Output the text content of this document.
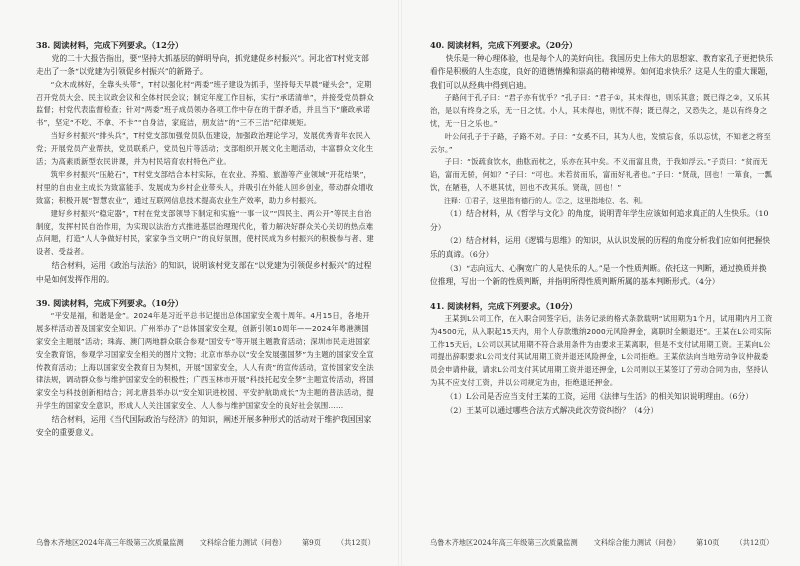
38. 阅读材料，完成下列要求。（12分）

党的二十大报告指出，要“坚持大抓基层的鲜明导向，抓党建促乡村振兴”。河北省T村党支部走出了一条“以党建为引领促乡村振兴”的新路子。

“众木成林好，全靠头头带”，T村以强化村“两委”班子建设为抓手，坚持每天早晨“碰头会”，定期召开党员大会、民主议政会议和全体村民会议；制定年度工作目标，实行“承诺清单”，并接受党员群众监督；村党代表监督检查；针对“两委”班子成员领办各项工作中存在的干群矛盾，并且当下“廉政承诺书”，坚定“不吃、不拿、不卡”“自身洁，家庭洁，朋友洁”的“三不三洁”纪律规矩。

当好乡村振兴“排头兵”，T村党支部加强党员队伍建设，加强政治理论学习，发展优秀青年农民入党；开展党员产业帮扶，党员联系户，党员包片等活动；支部组织开展文化主题活动，丰富群众文化生活；为高素质新型农民讲课，并为村民培育农村特色产业。

筑牢乡村振兴“压舱石”，T村党支部结合本村实际，在农业、养殖、旅游等产业领域“开花结果”，村里的自由业主成长为致富能手、发展成为乡村企业带头人，并吸引在外能人回乡创业，带动群众增收致富；积极开展“智慧农业”，通过互联网信息技术提高农业生产效率，助力乡村振兴。

建好乡村振兴“稳定器”，T村在党支部领导下制定和实施“一事一议”“四民主、两公开”等民主自治制度，发挥村民自治作用，为实现以法治方式推进基层治理现代化，着力解决好群众关心关切的热点难点问题，打造“人人争做好村民，家家争当文明户”的良好氛围，使村民成为乡村振兴的积极参与者、建设者、受益者。

结合材料，运用《政治与法治》的知识，说明该村党支部在“以党建为引领促乡村振兴”的过程中是如何发挥作用的。

39. 阅读材料，完成下列要求。（10分）

“平安是福，和谐是金”。2024年是习近平总书记提出总体国家安全观十周年。4月15日，各地开展多样活动普及国家安全知识。广州举办了“总体国家安全观，创新引领10周年——2024年粤港澳国家安全主题展”活动；珠海、澳门两地群众联合参观“国安专”等开展主题教育活动；深圳市民走进国家安全教育馆，参观学习国家安全相关的图片文物；北京市举办以“安全发展强国梦”为主题的国家安全宣传教育活动；上海以国家安全教育日为契机，开展“国家安全，人人有责”的宣传活动，宣传国家安全法律法规，调动群众参与维护国家安全的积极性；广西玉林市开展“科技托起安全梦”主题宣传活动，将国家安全与科技创新相结合；河北唐县举办以“安全知识进校园、平安护航助成长”为主题的普法活动，提升学生的国家安全意识，形成人人关注国家安全、人人参与维护国家安全的良好社会氛围……

结合材料，运用《当代国际政治与经济》的知识，阐述开展多种形式的活动对于维护我国国家安全的重要意义。

乌鲁木齐地区2024年高三年级第三次质量监测 文科综合能力测试（问卷） 第9页 （共12页）

40. 阅读材料，完成下列要求。（20分）

快乐是一种心理体验，也是每个人的美好向往。我国历史上伟大的思想家、教育家孔子更把快乐看作是积极的人生态度，良好的道德情操和崇高的精神境界。如何追求快乐？这是人生的重大课题，我们可以从经典中得到启迪。

子路问于孔子曰：“君子亦有忧乎？”孔子曰：“君子①，其未得也，则乐其意；既已得之②，又乐其治，是以有终身之乐，无一日之忧。小人，其未得也，则忧不得；既已得之，又恐失之，是以有终身之忧，无一日之乐也。”

叶公问孔子于子路，子路不对。子曰：“女奚不曰，其为人也，发愤忘食，乐以忘忧，不知老之将至云尔。”

子曰：“饭疏食饮水，曲肱而枕之，乐亦在其中矣。不义而富且贵，于我如浮云。”子贡曰：“贫而无谄，富而无骄，何如？”子曰：“可也。未若贫而乐，富而好礼者也。”子曰：“贤哉，回也！一箪食，一瓢饮，在陋巷，人不堪其忧，回也不改其乐。贤哉，回也！”

注释：①君子，这里指有德行的人。②之，这里指地位、名、利。

（1）结合材料，从《哲学与文化》的角度，说明青年学生应该如何追求真正的人生快乐。（10分）

（2）结合材料，运用《逻辑与思维》的知识，从认识发展的历程的角度分析我们应如何把握快乐的真谛。（6分）

（3）“志向远大、心胸宽广的人是快乐的人。”是一个性质判断。依托这一判断，通过换质并换位推理，写出一个新的性质判断，并指明所得性质判断所属的基本判断形式。（4分）

41. 阅读材料，完成下列要求。（10分）

王某到L公司工作，在入职合同签字后，法务记录的格式条款载明“试用期为1个月，试用期内月工资为4500元，从入职起15天内，用个人存款缴纳2000元风险押金，离职时全额退还”。王某在L公司实际工作15天后，L公司以其试用期不符合录用条件为由要求王某离职，但是不支付试用期工资。王某向L公司提出辞职要求L公司支付其试用期工资并退还风险押金，L公司拒绝。王某依法向当地劳动争议仲裁委员会申请仲裁，请求L公司支付其试用期工资并退还押金，L公司则以王某签订了劳动合同为由，坚持认为其不应支付工资，并以公司规定为由，拒绝退还押金。

（1）L公司是否应当支付王某的工资，运用《法律与生活》的相关知识说明理由。（6分）

（2）王某可以通过哪些合法方式解决此次劳资纠纷？（4分）

乌鲁木齐地区2024年高三年级第三次质量监测 文科综合能力测试（问卷） 第10页 （共12页）
